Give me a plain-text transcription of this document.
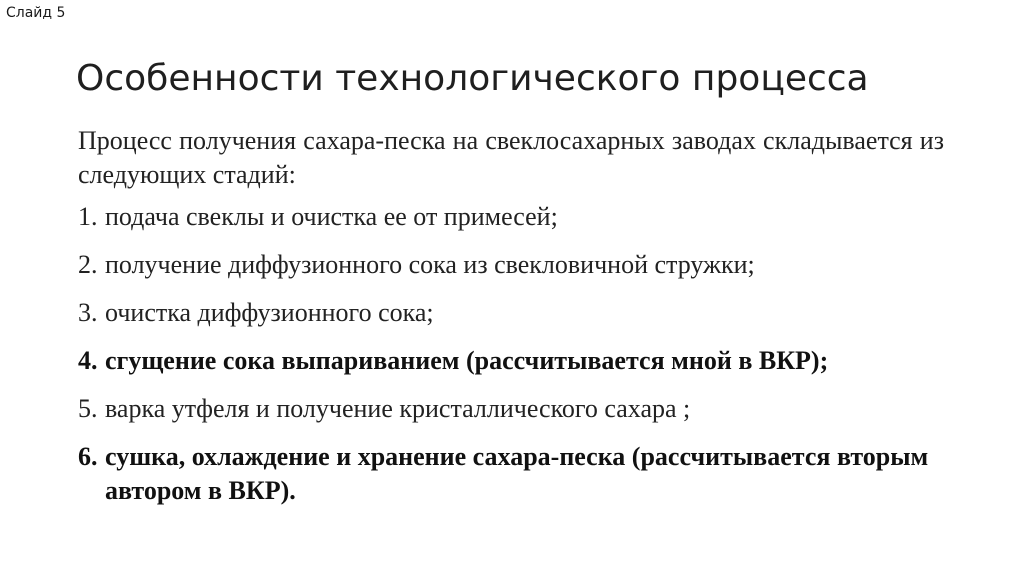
Слайд 5
Особенности технологического процесса

Процесс получения сахара-песка на свеклосахарных заводах складывается из следующих стадий:

1. подача свеклы и очистка ее от примесей;
2. получение диффузионного сока из свекловичной стружки;
3. очистка диффузионного сока;
4. сгущение сока выпариванием (рассчитывается мной в ВКР);
5. варка утфеля и получение кристаллического сахара ;
6. сушка, охлаждение и хранение сахара-песка (рассчитывается вторым автором в ВКР).
